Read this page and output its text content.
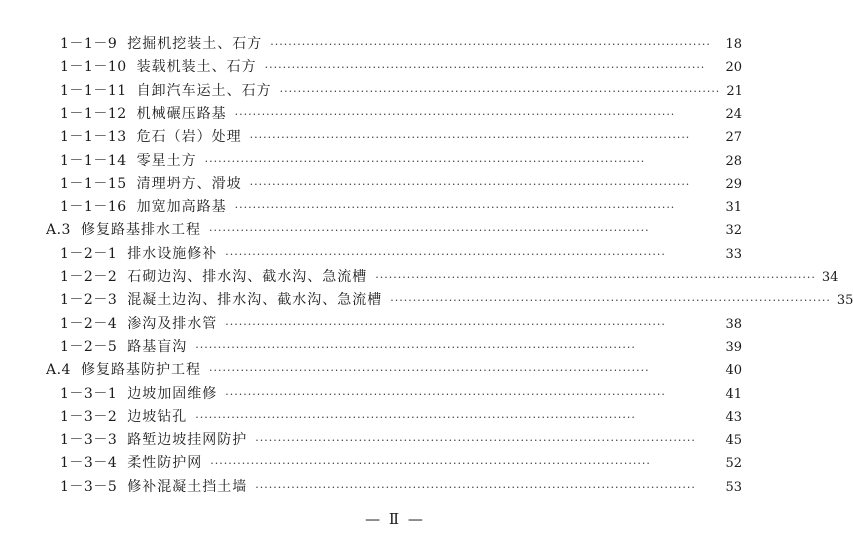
1－1－9 挖掘机挖装土、石方 ··································································································	18
1－1－10 装载机装土、石方 ··································································································	20
1－1－11 自卸汽车运土、石方 ·································································································· 21
1－1－12 机械碾压路基 ··································································································	24
1－1－13 危石（岩）处理 ··································································································	27
1－1－14 零星土方 ··································································································	28
1－1－15 清理坍方、滑坡 ··································································································	29
1－1－16 加宽加高路基 ··································································································	31
A.3 修复路基排水工程 ··································································································	32
1－2－1 排水设施修补 ··································································································	33
1－2－2 石砌边沟、排水沟、截水沟、急流槽 ·································································································· 34
1－2－3 混凝土边沟、排水沟、截水沟、急流槽 ·································································································· 35
1－2－4 渗沟及排水管 ··································································································	38
1－2－5 路基盲沟 ··································································································	39
A.4 修复路基防护工程 ··································································································	40
1－3－1 边坡加固维修 ··································································································	41
1－3－2 边坡钻孔 ··································································································	43
1－3－3 路堑边坡挂网防护 ··································································································	45
1－3－4 柔性防护网 ··································································································	52
1－3－5 修补混凝土挡土墙 ··································································································	53
— Ⅱ —
